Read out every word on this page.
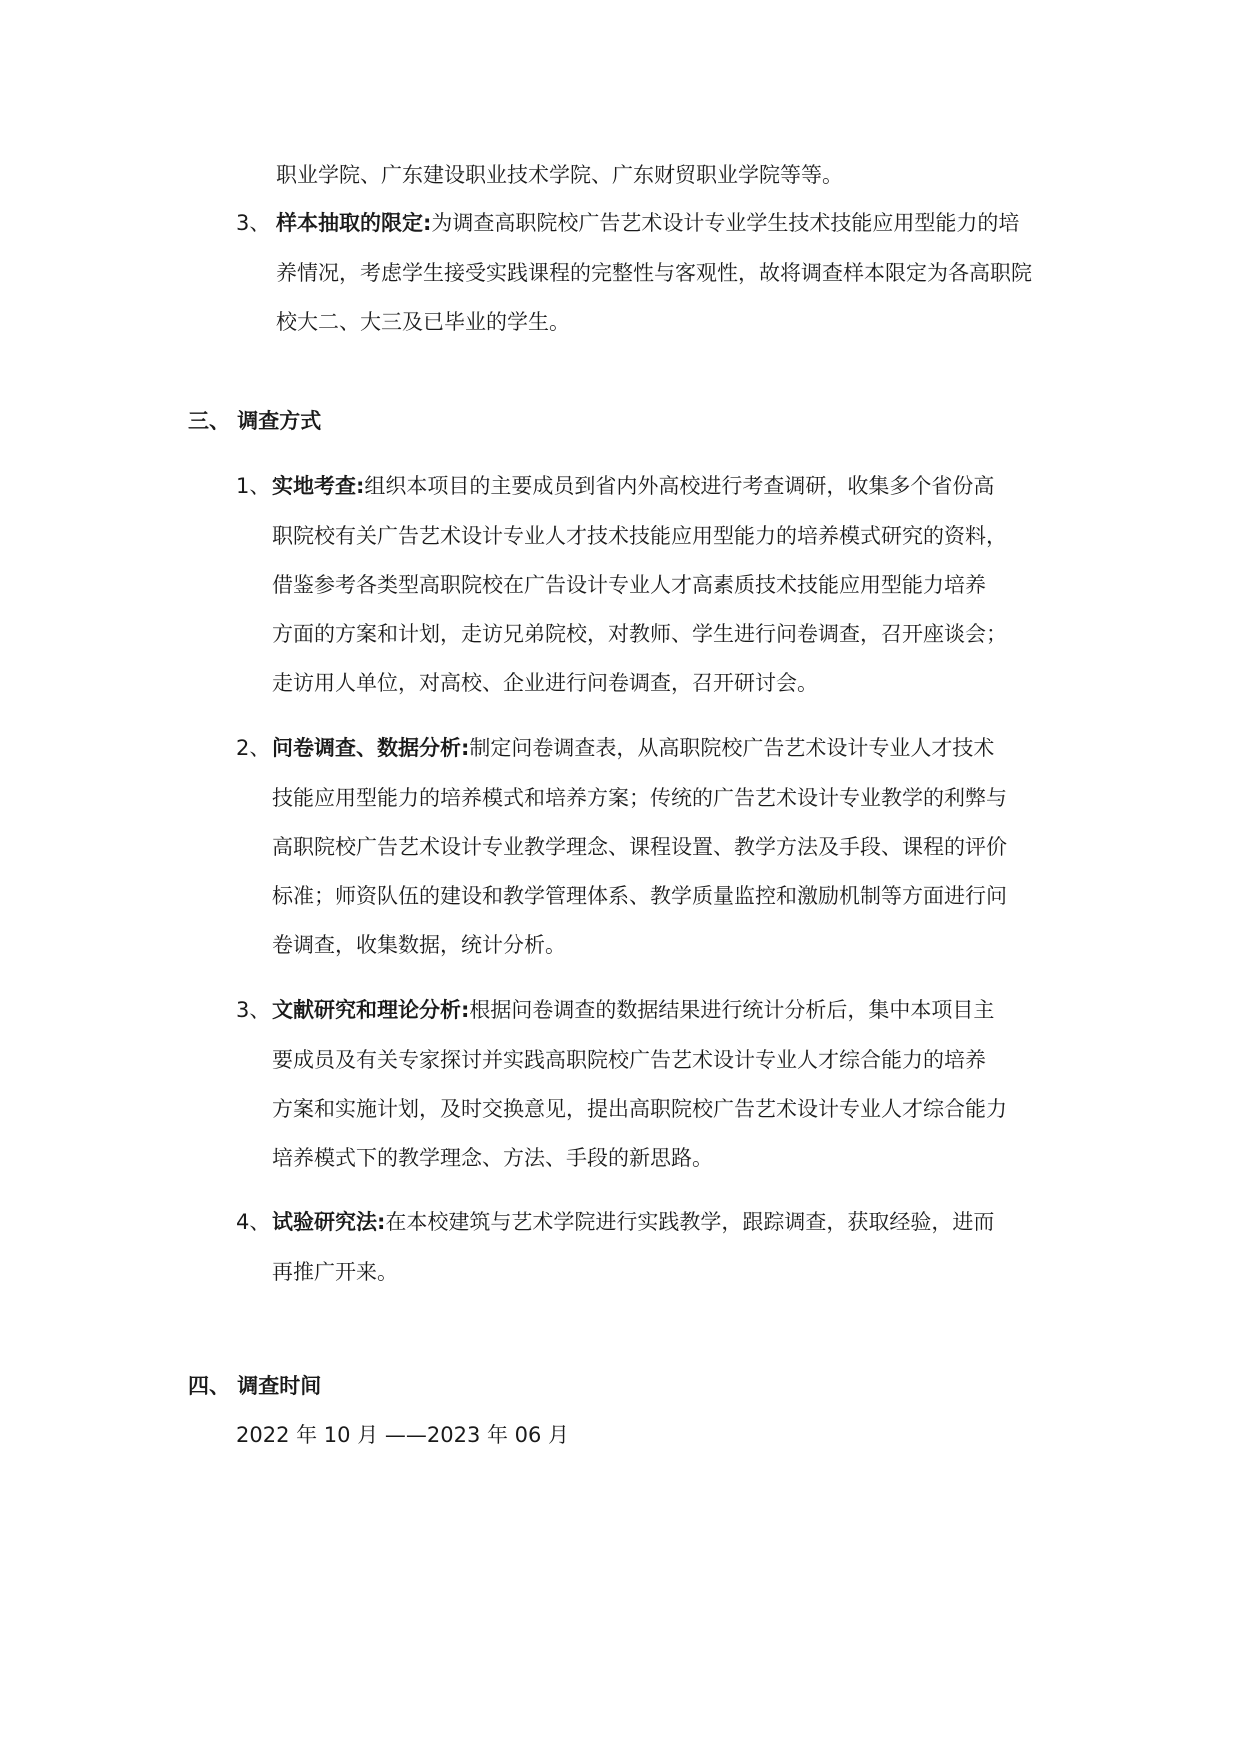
职业学院、广东建设职业技术学院、广东财贸职业学院等等。
3、 样本抽取的限定:为调查高职院校广告艺术设计专业学生技术技能应用型能力的培
养情况，考虑学生接受实践课程的完整性与客观性，故将调查样本限定为各高职院
校大二、大三及已毕业的学生。
三、 调查方式
1、 实地考查:组织本项目的主要成员到省内外高校进行考查调研，收集多个省份高
职院校有关广告艺术设计专业人才技术技能应用型能力的培养模式研究的资料，
借鉴参考各类型高职院校在广告设计专业人才高素质技术技能应用型能力培养
方面的方案和计划，走访兄弟院校，对教师、学生进行问卷调查，召开座谈会；
走访用人单位，对高校、企业进行问卷调查，召开研讨会。
2、 问卷调查、数据分析:制定问卷调查表，从高职院校广告艺术设计专业人才技术
技能应用型能力的培养模式和培养方案；传统的广告艺术设计专业教学的利弊与
高职院校广告艺术设计专业教学理念、课程设置、教学方法及手段、课程的评价
标准；师资队伍的建设和教学管理体系、教学质量监控和激励机制等方面进行问
卷调查，收集数据，统计分析。
3、 文献研究和理论分析:根据问卷调查的数据结果进行统计分析后，集中本项目主
要成员及有关专家探讨并实践高职院校广告艺术设计专业人才综合能力的培养
方案和实施计划，及时交换意见，提出高职院校广告艺术设计专业人才综合能力
培养模式下的教学理念、方法、手段的新思路。
4、 试验研究法:在本校建筑与艺术学院进行实践教学，跟踪调查，获取经验，进而
再推广开来。
四、 调查时间
2022 年 10 月 ——2023 年 06 月
